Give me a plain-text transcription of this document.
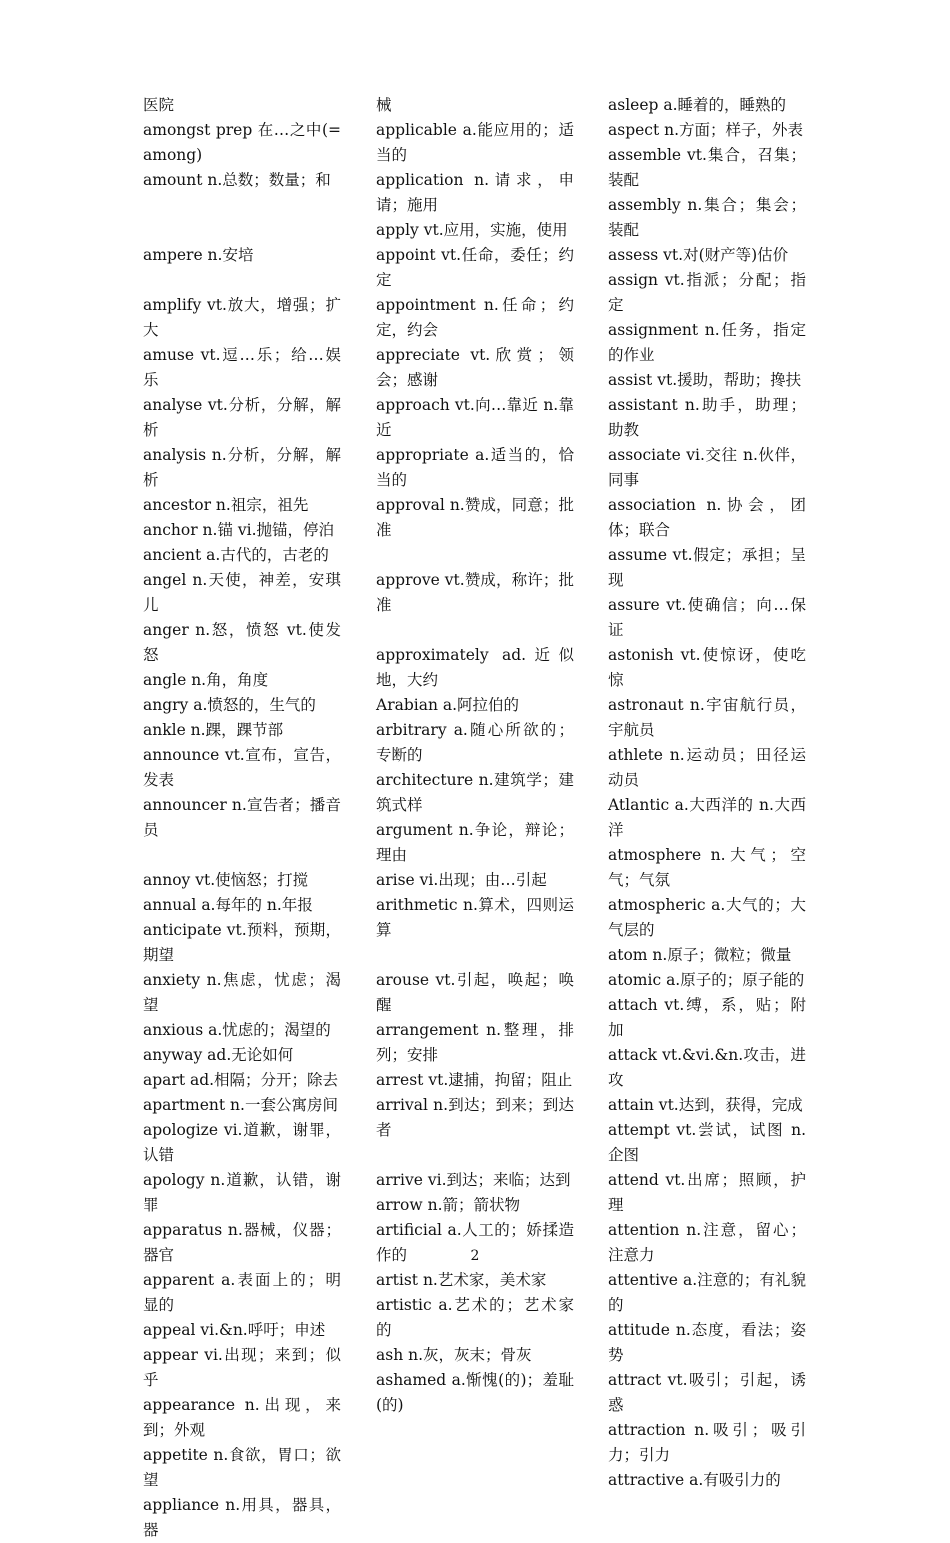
医院
amongst prep 在…之中(=among)
amount n.总数；数量；和
ampere n.安培
amplify vt.放大，增强；扩大
amuse vt.逗…乐；给…娱乐
analyse vt.分析，分解，解析
analysis n.分析，分解，解析
ancestor n.祖宗，祖先
anchor n.锚 vi.抛锚，停泊
ancient a.古代的，古老的
angel n.天使，神差，安琪儿
anger n.怒，愤怒 vt.使发怒
angle n.角，角度
angry a.愤怒的，生气的
ankle n.踝，踝节部
announce vt.宣布，宣告，发表
announcer n.宣告者；播音员
annoy vt.使恼怒；打搅
annual a.每年的 n.年报
anticipate vt.预料，预期，期望
anxiety n.焦虑，忧虑；渴望
anxious a.忧虑的；渴望的
anyway ad.无论如何
apart ad.相隔；分开；除去
apartment n.一套公寓房间
apologize vi.道歉，谢罪，认错
apology n.道歉，认错，谢罪
apparatus n.器械，仪器；器官
apparent a.表面上的；明显的
appeal vi.&n.呼吁；申述
appear vi.出现；来到；似乎
appearance n.出现，来到；外观
appetite n.食欲，胃口；欲望
appliance n.用具，器具，器
械
applicable a.能应用的；适当的
application n.请求，申请；施用
apply vt.应用，实施，使用
appoint vt.任命，委任；约定
appointment n.任命；约定，约会
appreciate vt.欣赏；领会；感谢
approach vt.向…靠近 n.靠近
appropriate a.适当的，恰当的
approval n.赞成，同意；批准
approve vt.赞成，称许；批准
approximately ad.近似地，大约
Arabian a.阿拉伯的
arbitrary a.随心所欲的；专断的
architecture n.建筑学；建筑式样
argument n.争论，辩论；理由
arise vi.出现；由…引起
arithmetic n.算术，四则运算
arouse vt.引起，唤起；唤醒
arrangement n.整理，排列；安排
arrest vt.逮捕，拘留；阻止
arrival n.到达；到来；到达者
arrive vi.到达；来临；达到
arrow n.箭；箭状物
artificial a.人工的；娇揉造作的
artist n.艺术家，美术家
artistic a.艺术的；艺术家的
ash n.灰，灰末；骨灰
ashamed a.惭愧(的)；羞耻(的)
asleep a.睡着的，睡熟的
aspect n.方面；样子，外表
assemble vt.集合，召集；装配
assembly n.集合；集会；装配
assess vt.对(财产等)估价
assign vt.指派；分配；指定
assignment n.任务，指定的作业
assist vt.援助，帮助；搀扶
assistant n.助手，助理；助教
associate vi.交往 n.伙伴，同事
association n.协会，团体；联合
assume vt.假定；承担；呈现
assure vt.使确信；向…保证
astonish vt.使惊讶，使吃惊
astronaut n.宇宙航行员，宇航员
athlete n.运动员；田径运动员
Atlantic a.大西洋的 n.大西洋
atmosphere n.大气；空气；气氛
atmospheric a.大气的；大气层的
atom n.原子；微粒；微量
atomic a.原子的；原子能的
attach vt.缚，系，贴；附加
attack vt.&vi.&n.攻击，进攻
attain vt.达到，获得，完成
attempt vt.尝试，试图 n.企图
attend vt.出席；照顾，护理
attention n.注意，留心；注意力
attentive a.注意的；有礼貌的
attitude n.态度，看法；姿势
attract vt.吸引；引起，诱惑
attraction n.吸引；吸引力；引力
attractive a.有吸引力的
2
